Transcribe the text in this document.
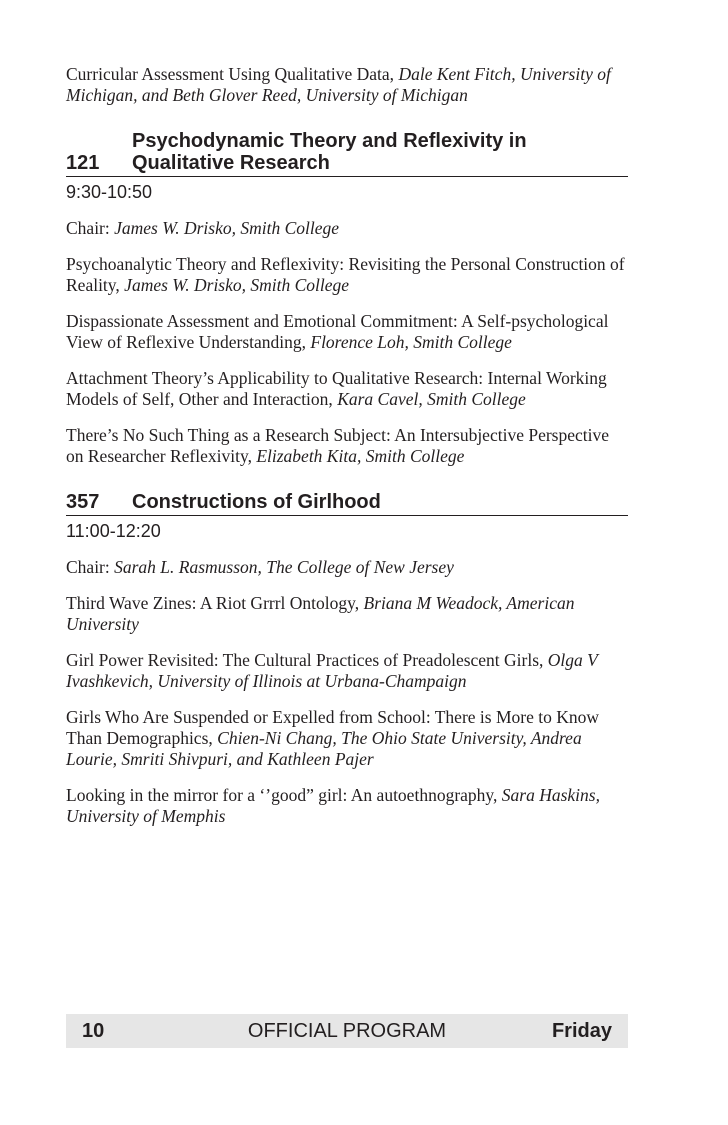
Curricular Assessment Using Qualitative Data, Dale Kent Fitch, University of Michigan, and Beth Glover Reed, University of Michigan

121
Psychodynamic Theory and Reflexivity in Qualitative Research
9:30-10:50

Chair: James W. Drisko, Smith College

Psychoanalytic Theory and Reflexivity: Revisiting the Personal Construction of Reality, James W. Drisko, Smith College

Dispassionate Assessment and Emotional Commitment: A Self-psychological View of Reflexive Understanding, Florence Loh, Smith College

Attachment Theory’s Applicability to Qualitative Research: Internal Working Models of Self, Other and Interaction, Kara Cavel, Smith College

There’s No Such Thing as a Research Subject: An Intersubjective Perspective on Researcher Reflexivity, Elizabeth Kita, Smith College

357 Constructions of Girlhood
11:00-12:20

Chair: Sarah L. Rasmusson, The College of New Jersey

Third Wave Zines: A Riot Grrrl Ontology, Briana M Weadock, American University

Girl Power Revisited: The Cultural Practices of Preadolescent Girls, Olga V Ivashkevich, University of Illinois at Urbana-Champaign

Girls Who Are Suspended or Expelled from School: There is More to Know Than Demographics, Chien-Ni Chang, The Ohio State University, Andrea Lourie, Smriti Shivpuri, and Kathleen Pajer

Looking in the mirror for a ‘’good” girl: An autoethnography, Sara Haskins, University of Memphis

OFFICIAL PROGRAM
10	Friday
